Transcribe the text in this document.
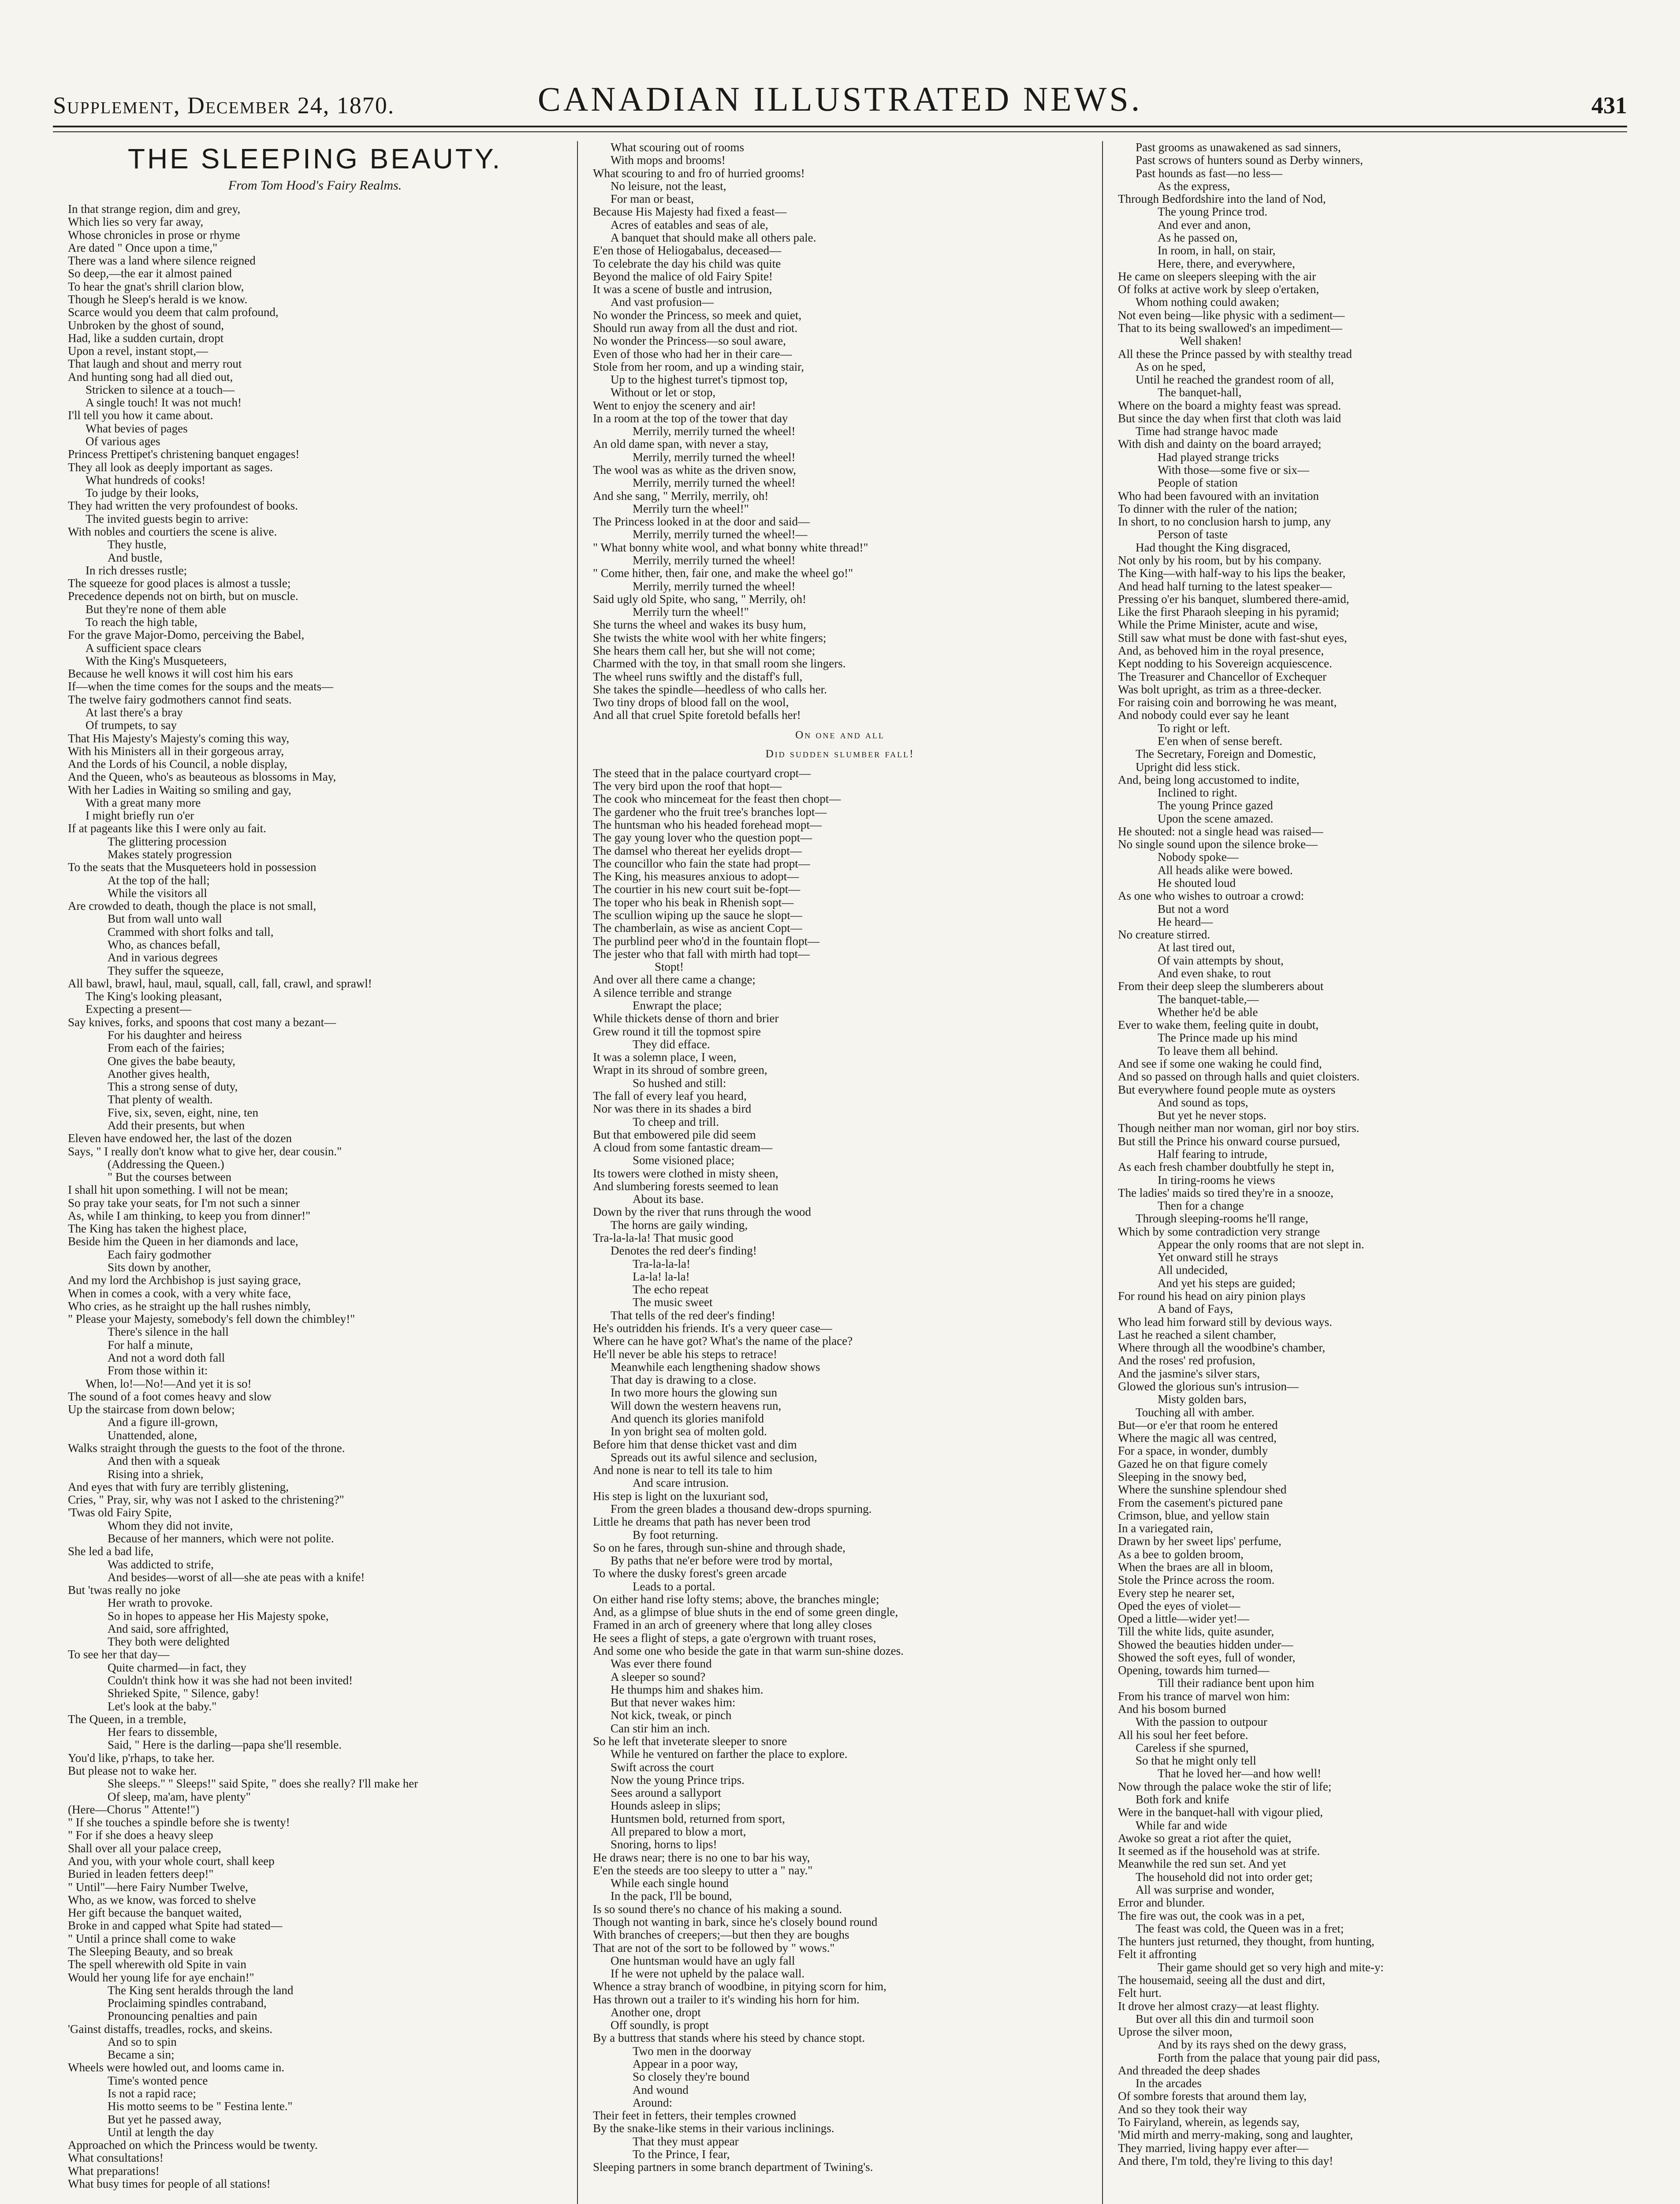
Supplement, December 24, 1870.	CANADIAN ILLUSTRATED NEWS.	431
THE SLEEPING BEAUTY.
From Tom Hood's Fairy Realms.
In that strange region, dim and grey,
Which lies so very far away,
Whose chronicles in prose or rhyme
Are dated " Once upon a time,"
There was a land where silence reigned
So deep,—the ear it almost pained
To hear the gnat's shrill clarion blow,
Though he Sleep's herald is we know.
Scarce would you deem that calm profound,
Unbroken by the ghost of sound,
Had, like a sudden curtain, dropt
Upon a revel, instant stopt,—
That laugh and shout and merry rout
And hunting song had all died out,
Stricken to silence at a touch—
A single touch! It was not much!
I'll tell you how it came about.
What bevies of pages
Of various ages
Princess Prettipet's christening banquet engages!
They all look as deeply important as sages.
What hundreds of cooks!
To judge by their looks,
They had written the very profoundest of books.
The invited guests begin to arrive:
With nobles and courtiers the scene is alive.
They hustle,
And bustle,
In rich dresses rustle;
The squeeze for good places is almost a tussle;
Precedence depends not on birth, but on muscle.
But they're none of them able
To reach the high table,
For the grave Major-Domo, perceiving the Babel,
A sufficient space clears
With the King's Musqueteers,
Because he well knows it will cost him his ears
If—when the time comes for the soups and the meats—
The twelve fairy godmothers cannot find seats.
At last there's a bray
Of trumpets, to say
That His Majesty's Majesty's coming this way,
With his Ministers all in their gorgeous array,
And the Lords of his Council, a noble display,
And the Queen, who's as beauteous as blossoms in May,
With her Ladies in Waiting so smiling and gay,
With a great many more
I might briefly run o'er
If at pageants like this I were only au fait.
The glittering procession
Makes stately progression
To the seats that the Musqueteers hold in possession
At the top of the hall;
While the visitors all
Are crowded to death, though the place is not small,
But from wall unto wall
Crammed with short folks and tall,
Who, as chances befall,
And in various degrees
They suffer the squeeze,
All bawl, brawl, haul, maul, squall, call, fall, crawl, and sprawl!
The King's looking pleasant,
Expecting a present—
Say knives, forks, and spoons that cost many a bezant—
For his daughter and heiress
From each of the fairies;
One gives the babe beauty,
Another gives health,
This a strong sense of duty,
That plenty of wealth.
Five, six, seven, eight, nine, ten
Add their presents, but when
Eleven have endowed her, the last of the dozen
Says, " I really don't know what to give her, dear cousin."
(Addressing the Queen.)
" But the courses between
I shall hit upon something. I will not be mean;
So pray take your seats, for I'm not such a sinner
As, while I am thinking, to keep you from dinner!"
The King has taken the highest place,
Beside him the Queen in her diamonds and lace,
Each fairy godmother
Sits down by another,
And my lord the Archbishop is just saying grace,
When in comes a cook, with a very white face,
Who cries, as he straight up the hall rushes nimbly,
" Please your Majesty, somebody's fell down the chimbley!"
There's silence in the hall
For half a minute,
And not a word doth fall
From those within it:
When, lo!—No!—And yet it is so!
The sound of a foot comes heavy and slow
Up the staircase from down below;
And a figure ill-grown,
Unattended, alone,
Walks straight through the guests to the foot of the throne.
And then with a squeak
Rising into a shriek,
And eyes that with fury are terribly glistening,
Cries, " Pray, sir, why was not I asked to the christening?"
'Twas old Fairy Spite,
Whom they did not invite,
Because of her manners, which were not polite.
She led a bad life,
Was addicted to strife,
And besides—worst of all—she ate peas with a knife!
But 'twas really no joke
Her wrath to provoke.
So in hopes to appease her His Majesty spoke,
And said, sore affrighted,
They both were delighted
To see her that day—
Quite charmed—in fact, they
Couldn't think how it was she had not been invited!
Shrieked Spite, " Silence, gaby!
Let's look at the baby."
The Queen, in a tremble,
Her fears to dissemble,
Said, " Here is the darling—papa she'll resemble.
You'd like, p'rhaps, to take her.
But please not to wake her.
She sleeps." " Sleeps!" said Spite, " does she really? I'll make her
Of sleep, ma'am, have plenty"
(Here—Chorus " Attente!")
" If she touches a spindle before she is twenty!
" For if she does a heavy sleep
Shall over all your palace creep,
And you, with your whole court, shall keep
Buried in leaden fetters deep!"
" Until"—here Fairy Number Twelve,
Who, as we know, was forced to shelve
Her gift because the banquet waited,
Broke in and capped what Spite had stated—
" Until a prince shall come to wake
The Sleeping Beauty, and so break
The spell wherewith old Spite in vain
Would her young life for aye enchain!"
The King sent heralds through the land
Proclaiming spindles contraband,
Pronouncing penalties and pain
'Gainst distaffs, treadles, rocks, and skeins.
And so to spin
Became a sin;
Wheels were howled out, and looms came in.
Time's wonted pence
Is not a rapid race;
His motto seems to be " Festina lente."
But yet he passed away,
Until at length the day
Approached on which the Princess would be twenty.
What consultations!
What preparations!
What busy times for people of all stations!
What scouring out of rooms
With mops and brooms!
What scouring to and fro of hurried grooms!
No leisure, not the least,
For man or beast,
Because His Majesty had fixed a feast—
Acres of eatables and seas of ale,
A banquet that should make all others pale.
E'en those of Heliogabalus, deceased—
To celebrate the day his child was quite
Beyond the malice of old Fairy Spite!
It was a scene of bustle and intrusion,
And vast profusion—
No wonder the Princess, so meek and quiet,
Should run away from all the dust and riot.
No wonder the Princess—so soul aware,
Even of those who had her in their care—
Stole from her room, and up a winding stair,
Up to the highest turret's tipmost top,
Without or let or stop,
Went to enjoy the scenery and air!
In a room at the top of the tower that day
Merrily, merrily turned the wheel!
An old dame span, with never a stay,
Merrily, merrily turned the wheel!
The wool was as white as the driven snow,
Merrily, merrily turned the wheel!
And she sang, " Merrily, merrily, oh!
Merrily turn the wheel!"
The Princess looked in at the door and said—
Merrily, merrily turned the wheel!—
" What bonny white wool, and what bonny white thread!"
Merrily, merrily turned the wheel!
" Come hither, then, fair one, and make the wheel go!"
Merrily, merrily turned the wheel!
Said ugly old Spite, who sang, " Merrily, oh!
Merrily turn the wheel!"
She turns the wheel and wakes its busy hum,
She twists the white wool with her white fingers;
She hears them call her, but she will not come;
Charmed with the toy, in that small room she lingers.
The wheel runs swiftly and the distaff's full,
She takes the spindle—heedless of who calls her.
Two tiny drops of blood fall on the wool,
And all that cruel Spite foretold befalls her!
On one and all
Did sudden slumber fall!
The steed that in the palace courtyard cropt—
The very bird upon the roof that hopt—
The cook who mincemeat for the feast then chopt—
The gardener who the fruit tree's branches lopt—
The huntsman who his headed forehead mopt—
The gay young lover who the question popt—
The damsel who thereat her eyelids dropt—
The councillor who fain the state had propt—
The King, his measures anxious to adopt—
The courtier in his new court suit be-fopt—
The toper who his beak in Rhenish sopt—
The scullion wiping up the sauce he slopt—
The chamberlain, as wise as ancient Copt—
The purblind peer who'd in the fountain flopt—
The jester who that fall with mirth had topt—
Stopt!
And over all there came a change;
A silence terrible and strange
Enwrapt the place;
While thickets dense of thorn and brier
Grew round it till the topmost spire
They did efface.
It was a solemn place, I ween,
Wrapt in its shroud of sombre green,
So hushed and still:
The fall of every leaf you heard,
Nor was there in its shades a bird
To cheep and trill.
But that embowered pile did seem
A cloud from some fantastic dream—
Some visioned place;
Its towers were clothed in misty sheen,
And slumbering forests seemed to lean
About its base.
Down by the river that runs through the wood
The horns are gaily winding,
Tra-la-la-la! That music good
Denotes the red deer's finding!
Tra-la-la-la!
La-la! la-la!
The echo repeat
The music sweet
That tells of the red deer's finding!
He's outridden his friends. It's a very queer case—
Where can he have got? What's the name of the place?
He'll never be able his steps to retrace!
Meanwhile each lengthening shadow shows
That day is drawing to a close.
In two more hours the glowing sun
Will down the western heavens run,
And quench its glories manifold
In yon bright sea of molten gold.
Before him that dense thicket vast and dim
Spreads out its awful silence and seclusion,
And none is near to tell its tale to him
And scare intrusion.
His step is light on the luxuriant sod,
From the green blades a thousand dew-drops spurning.
Little he dreams that path has never been trod
By foot returning.
So on he fares, through sun-shine and through shade,
By paths that ne'er before were trod by mortal,
To where the dusky forest's green arcade
Leads to a portal.
On either hand rise lofty stems; above, the branches mingle;
And, as a glimpse of blue shuts in the end of some green dingle,
Framed in an arch of greenery where that long alley closes
He sees a flight of steps, a gate o'ergrown with truant roses,
And some one who beside the gate in that warm sun-shine dozes.
Was ever there found
A sleeper so sound?
He thumps him and shakes him.
But that never wakes him:
Not kick, tweak, or pinch
Can stir him an inch.
So he left that inveterate sleeper to snore
While he ventured on farther the place to explore.
Swift across the court
Now the young Prince trips.
Sees around a sallyport
Hounds asleep in slips;
Huntsmen bold, returned from sport,
All prepared to blow a mort,
Snoring, horns to lips!
He draws near; there is no one to bar his way,
E'en the steeds are too sleepy to utter a " nay."
While each single hound
In the pack, I'll be bound,
Is so sound there's no chance of his making a sound.
Though not wanting in bark, since he's closely bound round
With branches of creepers;—but then they are boughs
That are not of the sort to be followed by " wows."
One huntsman would have an ugly fall
If he were not upheld by the palace wall.
Whence a stray branch of woodbine, in pitying scorn for him,
Has thrown out a trailer to it's winding his horn for him.
Another one, dropt
Off soundly, is propt
By a buttress that stands where his steed by chance stopt.
Two men in the doorway
Appear in a poor way,
So closely they're bound
And wound
Around:
Their feet in fetters, their temples crowned
By the snake-like stems in their various inclinings.
That they must appear
To the Prince, I fear,
Sleeping partners in some branch department of Twining's.
Past grooms as unawakened as sad sinners,
Past scrows of hunters sound as Derby winners,
Past hounds as fast—no less—
As the express,
Through Bedfordshire into the land of Nod,
The young Prince trod.
And ever and anon,
As he passed on,
In room, in hall, on stair,
Here, there, and everywhere,
He came on sleepers sleeping with the air
Of folks at active work by sleep o'ertaken,
Whom nothing could awaken;
Not even being—like physic with a sediment—
That to its being swallowed's an impediment—
Well shaken!
All these the Prince passed by with stealthy tread
As on he sped,
Until he reached the grandest room of all,
The banquet-hall,
Where on the board a mighty feast was spread.
But since the day when first that cloth was laid
Time had strange havoc made
With dish and dainty on the board arrayed;
Had played strange tricks
With those—some five or six—
People of station
Who had been favoured with an invitation
To dinner with the ruler of the nation;
In short, to no conclusion harsh to jump, any
Person of taste
Had thought the King disgraced,
Not only by his room, but by his company.
The King—with half-way to his lips the beaker,
And head half turning to the latest speaker—
Pressing o'er his banquet, slumbered there-amid,
Like the first Pharaoh sleeping in his pyramid;
While the Prime Minister, acute and wise,
Still saw what must be done with fast-shut eyes,
And, as behoved him in the royal presence,
Kept nodding to his Sovereign acquiescence.
The Treasurer and Chancellor of Exchequer
Was bolt upright, as trim as a three-decker.
For raising coin and borrowing he was meant,
And nobody could ever say he leant
To right or left.
E'en when of sense bereft.
The Secretary, Foreign and Domestic,
Upright did less stick.
And, being long accustomed to indite,
Inclined to right.
The young Prince gazed
Upon the scene amazed.
He shouted: not a single head was raised—
No single sound upon the silence broke—
Nobody spoke—
All heads alike were bowed.
He shouted loud
As one who wishes to outroar a crowd:
But not a word
He heard—
No creature stirred.
At last tired out,
Of vain attempts by shout,
And even shake, to rout
From their deep sleep the slumberers about
The banquet-table,—
Whether he'd be able
Ever to wake them, feeling quite in doubt,
The Prince made up his mind
To leave them all behind.
And see if some one waking he could find,
And so passed on through halls and quiet cloisters.
But everywhere found people mute as oysters
And sound as tops,
But yet he never stops.
Though neither man nor woman, girl nor boy stirs.
But still the Prince his onward course pursued,
Half fearing to intrude,
As each fresh chamber doubtfully he stept in,
In tiring-rooms he views
The ladies' maids so tired they're in a snooze,
Then for a change
Through sleeping-rooms he'll range,
Which by some contradiction very strange
Appear the only rooms that are not slept in.
Yet onward still he strays
All undecided,
And yet his steps are guided;
For round his head on airy pinion plays
A band of Fays,
Who lead him forward still by devious ways.
Last he reached a silent chamber,
Where through all the woodbine's chamber,
And the roses' red profusion,
And the jasmine's silver stars,
Glowed the glorious sun's intrusion—
Misty golden bars,
Touching all with amber.
But—or e'er that room he entered
Where the magic all was centred,
For a space, in wonder, dumbly
Gazed he on that figure comely
Sleeping in the snowy bed,
Where the sunshine splendour shed
From the casement's pictured pane
Crimson, blue, and yellow stain
In a variegated rain,
Drawn by her sweet lips' perfume,
As a bee to golden broom,
When the braes are all in bloom,
Stole the Prince across the room.
Every step he nearer set,
Oped the eyes of violet—
Oped a little—wider yet!—
Till the white lids, quite asunder,
Showed the beauties hidden under—
Showed the soft eyes, full of wonder,
Opening, towards him turned—
Till their radiance bent upon him
From his trance of marvel won him:
And his bosom burned
With the passion to outpour
All his soul her feet before.
Careless if she spurned,
So that he might only tell
That he loved her—and how well!
Now through the palace woke the stir of life;
Both fork and knife
Were in the banquet-hall with vigour plied,
While far and wide
Awoke so great a riot after the quiet,
It seemed as if the household was at strife.
Meanwhile the red sun set. And yet
The household did not into order get;
All was surprise and wonder,
Error and blunder.
The fire was out, the cook was in a pet,
The feast was cold, the Queen was in a fret;
The hunters just returned, they thought, from hunting,
Felt it affronting
Their game should get so very high and mite-y:
The housemaid, seeing all the dust and dirt,
Felt hurt.
It drove her almost crazy—at least flighty.
But over all this din and turmoil soon
Uprose the silver moon,
And by its rays shed on the dewy grass,
Forth from the palace that young pair did pass,
And threaded the deep shades
In the arcades
Of sombre forests that around them lay,
And so they took their way
To Fairyland, wherein, as legends say,
'Mid mirth and merry-making, song and laughter,
They married, living happy ever after—
And there, I'm told, they're living to this day!
